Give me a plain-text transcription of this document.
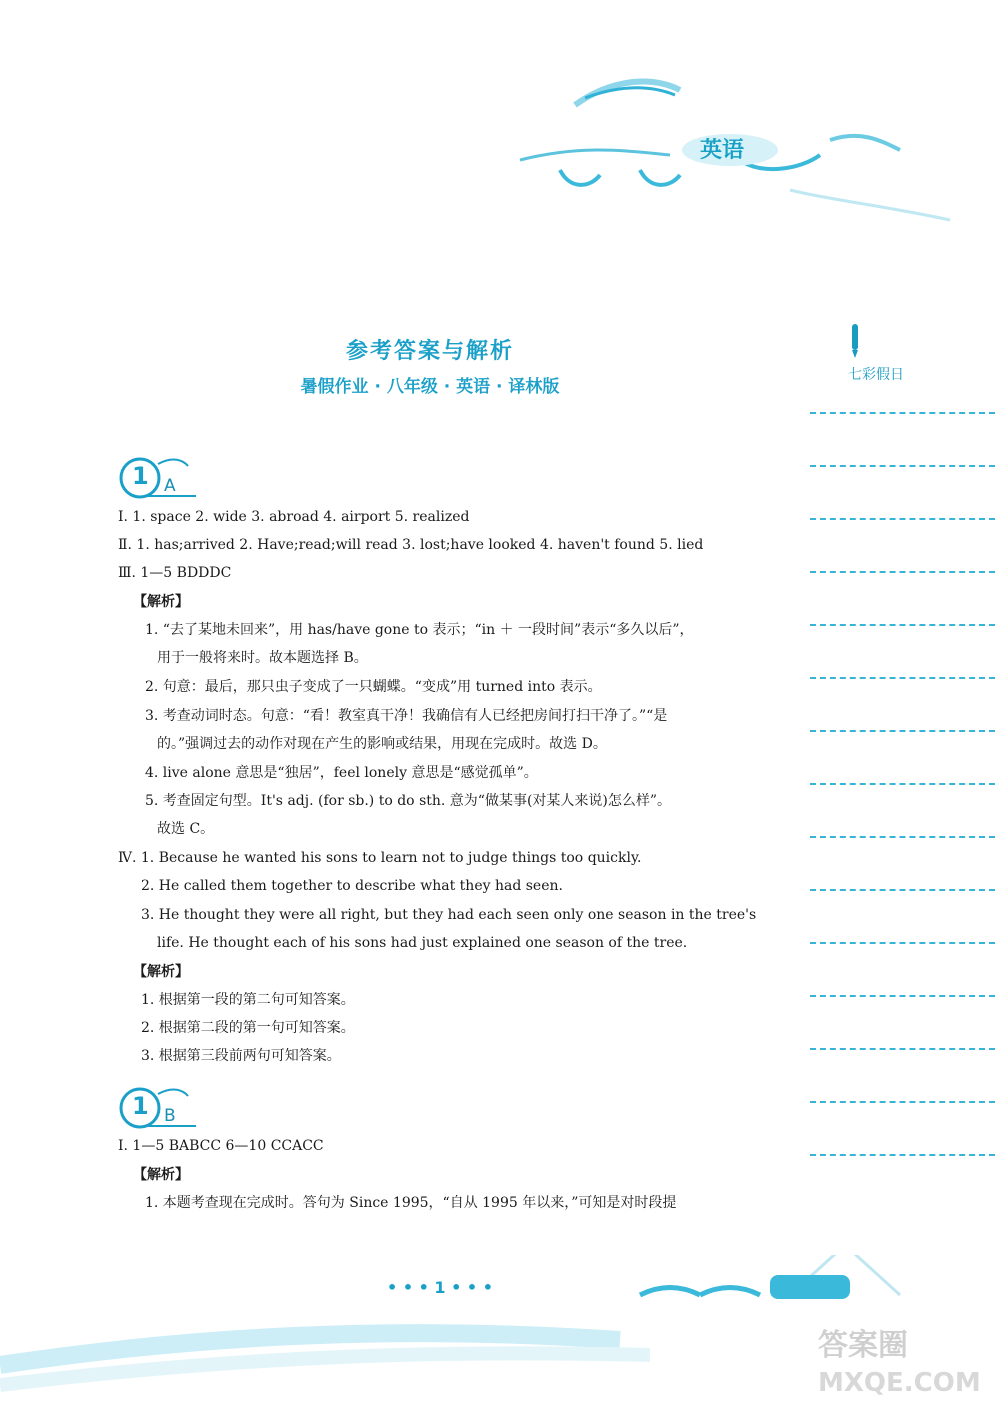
英语
参考答案与解析
暑假作业 · 八年级 · 英语 · 译林版
七彩假日
1 A
Ⅰ. 1. space 2. wide 3. abroad 4. airport 5. realized
Ⅱ. 1. has;arrived 2. Have;read;will read 3. lost;have looked 4. haven't found 5. lied
Ⅲ. 1—5 BDDDC
【解析】
1. “去了某地未回来”，用 has/have gone to 表示；“in ＋ 一段时间”表示“多久以后”，
用于一般将来时。故本题选择 B。
2. 句意：最后，那只虫子变成了一只蝴蝶。“变成”用 turned into 表示。
3. 考查动词时态。句意：“看！教室真干净！我确信有人已经把房间打扫干净了。”“是
的。”强调过去的动作对现在产生的影响或结果，用现在完成时。故选 D。
4. live alone 意思是“独居”，feel lonely 意思是“感觉孤单”。
5. 考查固定句型。It's adj. (for sb.) to do sth. 意为“做某事(对某人来说)怎么样”。
故选 C。
Ⅳ. 1. Because he wanted his sons to learn not to judge things too quickly.
2. He called them together to describe what they had seen.
3. He thought they were all right, but they had each seen only one season in the tree's
life. He thought each of his sons had just explained one season of the tree.
【解析】
1. 根据第一段的第二句可知答案。
2. 根据第二段的第一句可知答案。
3. 根据第三段前两句可知答案。
1 B
Ⅰ. 1—5 BABCC 6—10 CCACC
【解析】
1. 本题考查现在完成时。答句为 Since 1995，“自从 1995 年以来，”可知是对时段提
• • • 1 • • •
答案圈
MXQE.COM
